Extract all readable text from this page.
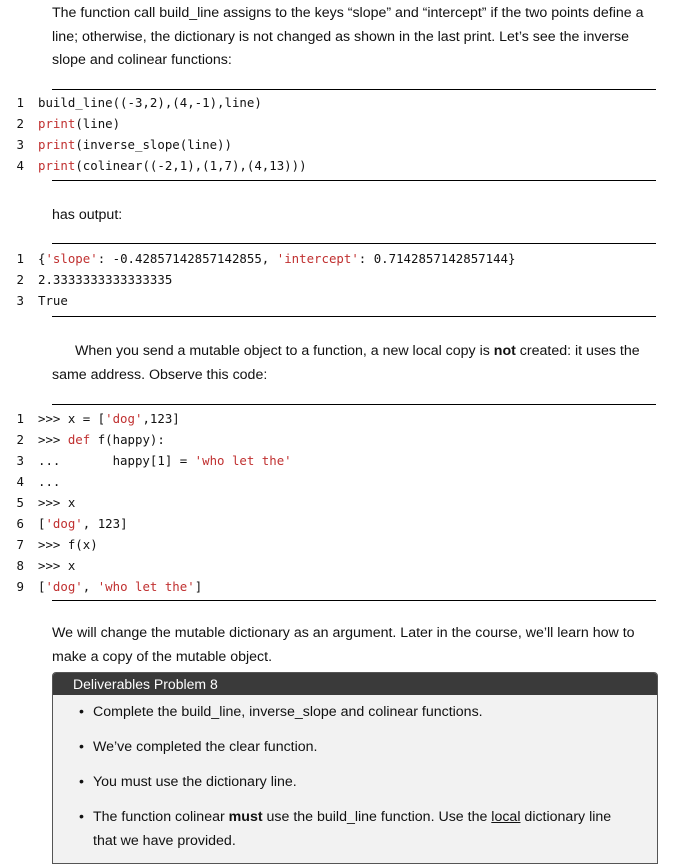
The function call build_line assigns to the keys “slope” and “intercept” if the two points define a line; otherwise, the dictionary is not changed as shown in the last print. Let’s see the inverse slope and colinear functions:

1 build_line((-3,2),(4,-1),line)
2 print(line)
3 print(inverse_slope(line))
4 print(colinear((-2,1),(1,7),(4,13)))

has output:

1 {'slope': -0.42857142857142855, 'intercept': 0.7142857142857144}
2 2.3333333333333335
3 True

When you send a mutable object to a function, a new local copy is not created: it uses the same address. Observe this code:

1 >>> x = ['dog',123]
2 >>> def f(happy):
3 ...       happy[1] = 'who let the'
4 ...
5 >>> x
6 ['dog', 123]
7 >>> f(x)
8 >>> x
9 ['dog', 'who let the']

We will change the mutable dictionary as an argument. Later in the course, we’ll learn how to make a copy of the mutable object.

Deliverables Problem 8
• Complete the build_line, inverse_slope and colinear functions.
• We’ve completed the clear function.
• You must use the dictionary line.
• The function colinear must use the build_line function. Use the local dictionary line that we have provided.
